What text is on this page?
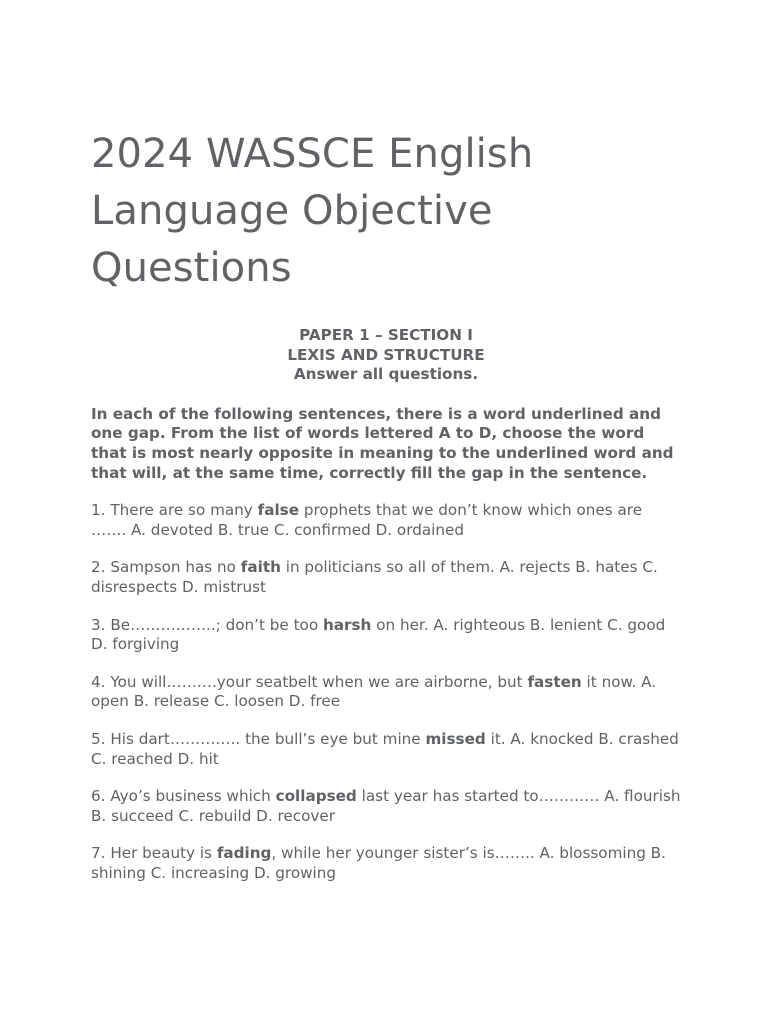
2024 WASSCE English Language Objective Questions
PAPER 1 – SECTION I
LEXIS AND STRUCTURE
Answer all questions.

In each of the following sentences, there is a word underlined and one gap. From the list of words lettered A to D, choose the word that is most nearly opposite in meaning to the underlined word and that will, at the same time, correctly fill the gap in the sentence.

1. There are so many false prophets that we don’t know which ones are ……. A. devoted B. true C. confirmed D. ordained

2. Sampson has no faith in politicians so all of them. A. rejects B. hates C. disrespects D. mistrust

3. Be……………..; don’t be too harsh on her. A. righteous B. lenient C. good D. forgiving

4. You will……….your seatbelt when we are airborne, but fasten it now. A. open B. release C. loosen D. free

5. His dart………….. the bull’s eye but mine missed it. A. knocked B. crashed C. reached D. hit

6. Ayo’s business which collapsed last year has started to………… A. flourish B. succeed C. rebuild D. recover

7. Her beauty is fading, while her younger sister’s is…….. A. blossoming B. shining C. increasing D. growing
